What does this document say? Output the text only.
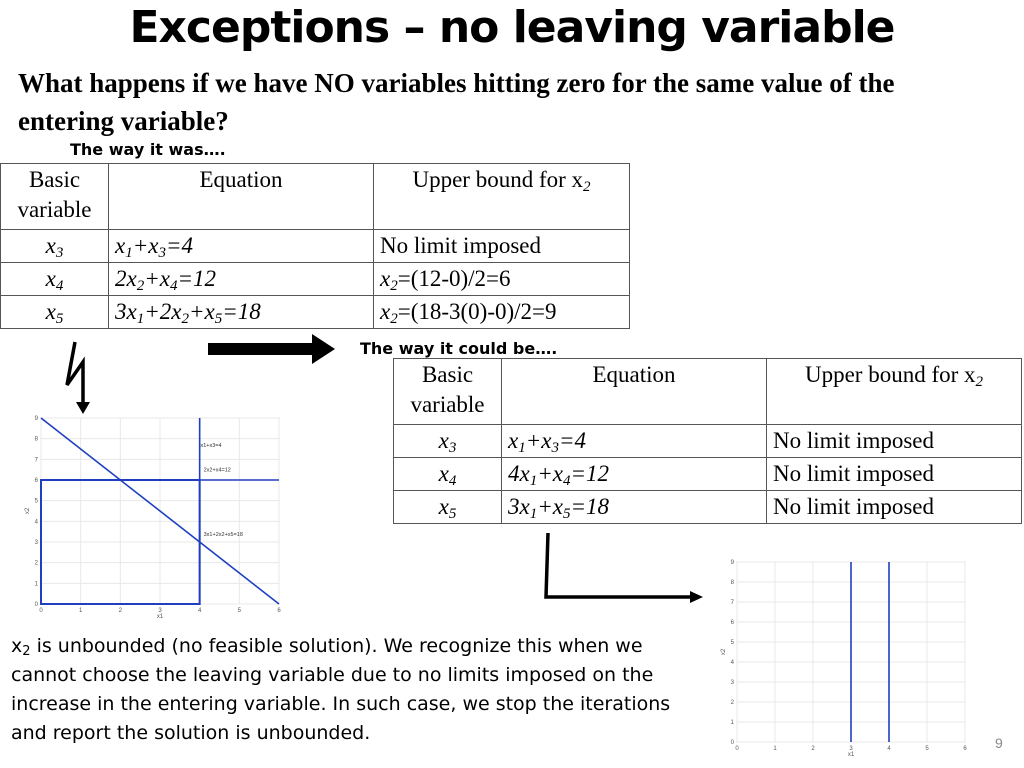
Exceptions – no leaving variable
What happens if we have NO variables hitting zero for the same value of the entering variable?
The way it was….
Basic variable	Equation	Upper bound for $x_2$
$x_3$	$x_1+x_3=4$	No limit imposed
$x_4$	$2x_2+x_4=12$	$x_2=(12-0)/2=6$
$x_5$	$3x_1+2x_2+x_5=18$	$x_2=(18-3(0)-0)/2=9$
The way it could be….
Basic variable	Equation	Upper bound for $x_2$
$x_3$	$x_1+x_3=4$	No limit imposed
$x_4$	$4x_1+x_4=12$	No limit imposed
$x_5$	$3x_1+x_5=18$	No limit imposed
0	1	2	3	4	5	6
0
1
2
3
4
5
6
7
8
9
x1
x2
x1+x3=4
2x2+x4=12
3x1+2x2+x5=18
0	1	2	3	4	5	6
0
1
2
3
4
5
6
7
8
9
x1
x2
$x_2$ is unbounded (no feasible solution). We recognize this when we cannot choose the leaving variable due to no limits imposed on the increase in the entering variable. In such case, we stop the iterations and report the solution is unbounded.	9
